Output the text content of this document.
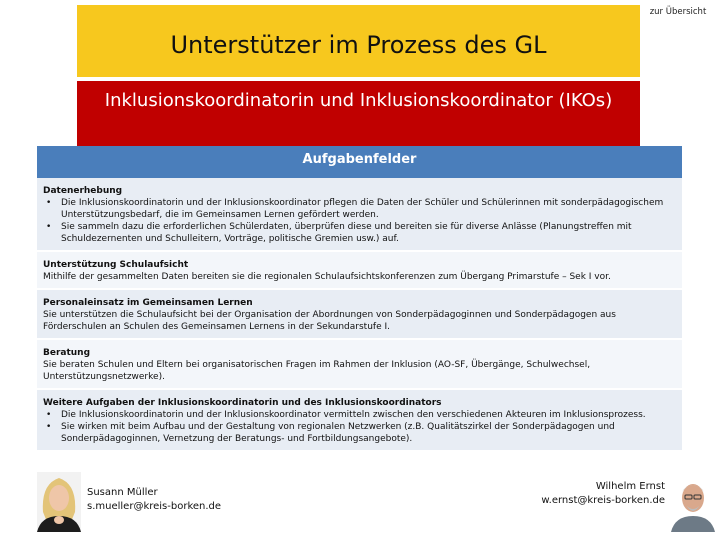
Unterstützer im Prozess des GL
zur Übersicht
Inklusionskoordinatorin und Inklusionskoordinator (IKOs)
Aufgabenfelder
Datenerhebung
• Die Inklusionskoordinatorin und der Inklusionskoordinator pflegen die Daten der Schüler und Schülerinnen mit sonderpädagogischem Unterstützungsbedarf, die im Gemeinsamen Lernen gefördert werden.
• Sie sammeln dazu die erforderlichen Schülerdaten, überprüfen diese und bereiten sie für diverse Anlässe (Planungstreffen mit Schuldezernenten und Schulleitern, Vorträge, politische Gremien usw.) auf.
Unterstützung Schulaufsicht
Mithilfe der gesammelten Daten bereiten sie die regionalen Schulaufsichtskonferenzen zum Übergang Primarstufe – Sek I vor.
Personaleinsatz im Gemeinsamen Lernen
Sie unterstützen die Schulaufsicht bei der Organisation der Abordnungen von Sonderpädagoginnen und Sonderpädagogen aus Förderschulen an Schulen des Gemeinsamen Lernens in der Sekundarstufe I.
Beratung
Sie beraten Schulen und Eltern bei organisatorischen Fragen im Rahmen der Inklusion (AO-SF, Übergänge, Schulwechsel, Unterstützungsnetzwerke).
Weitere Aufgaben der Inklusionskoordinatorin und des Inklusionskoordinators
• Die Inklusionskoordinatorin und der Inklusionskoordinator vermitteln zwischen den verschiedenen Akteuren im Inklusionsprozess.
• Sie wirken mit beim Aufbau und der Gestaltung von regionalen Netzwerken (z.B. Qualitätszirkel der Sonderpädagogen und Sonderpädagoginnen, Vernetzung der Beratungs- und Fortbildungsangebote).
Susann Müller
s.mueller@kreis-borken.de
Wilhelm Ernst
w.ernst@kreis-borken.de
